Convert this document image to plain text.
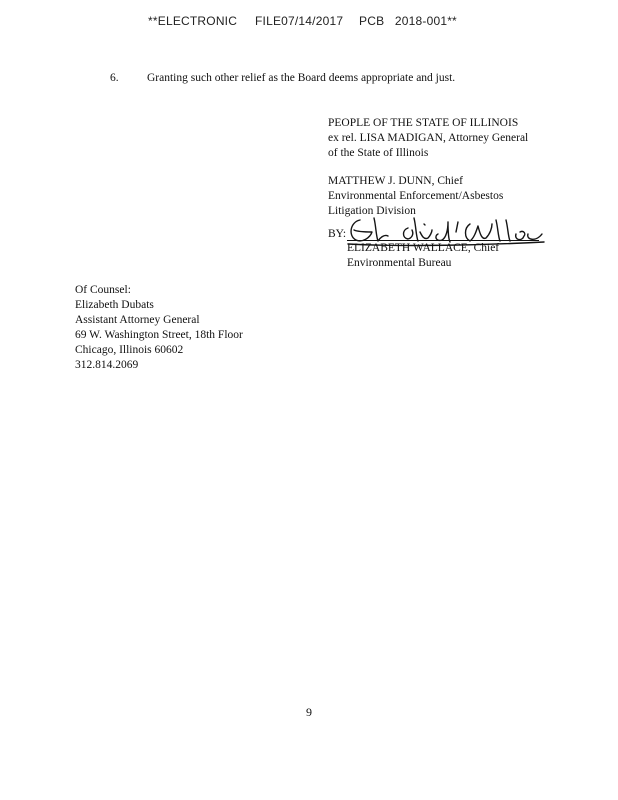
**ELECTRONIC FILE07/14/2017 PCB   2018-001**
6. Granting such other relief as the Board deems appropriate and just.
PEOPLE OF THE STATE OF ILLINOIS
ex rel. LISA MADIGAN, Attorney General
of the State of Illinois
MATTHEW J. DUNN, Chief
Environmental Enforcement/Asbestos
Litigation Division
BY:
ELIZABETH WALLACE, Chief
Environmental Bureau
Of Counsel:
Elizabeth Dubats
Assistant Attorney General
69 W. Washington Street, 18th Floor
Chicago, Illinois 60602
312.814.2069
9
